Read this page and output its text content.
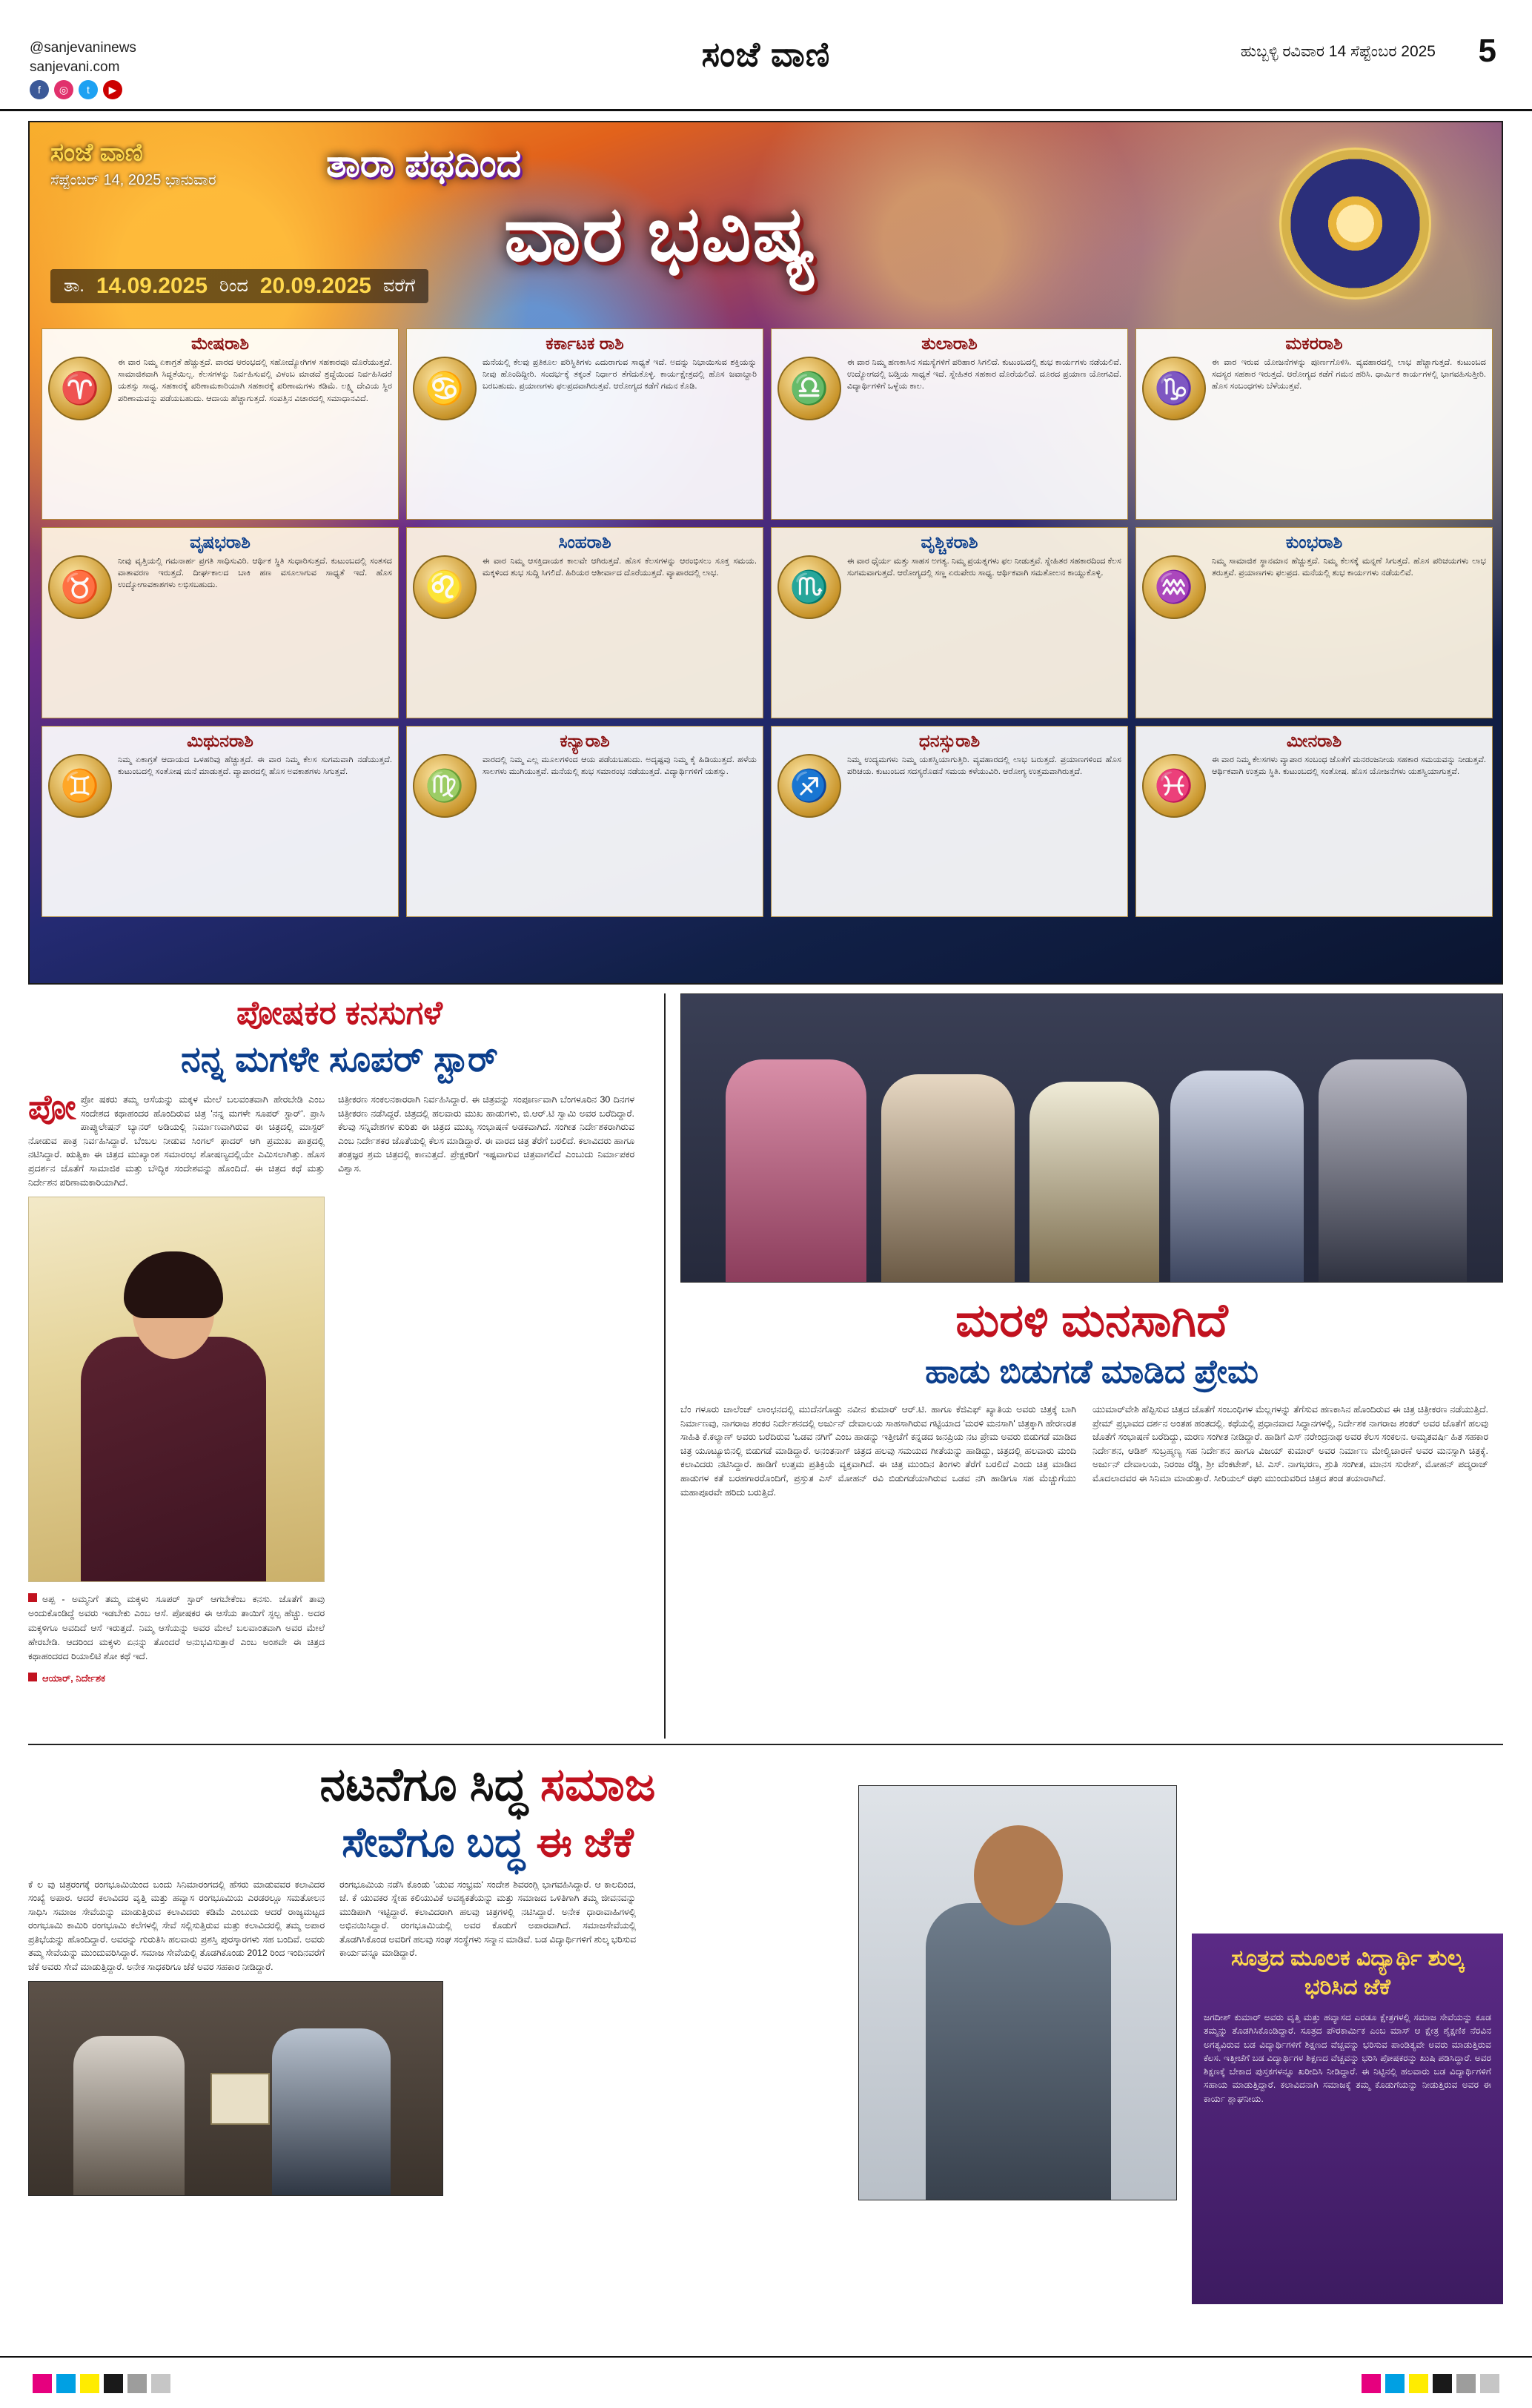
@sanjevaninews
sanjevani.com
f	◎	t	▶
ಸಂಜೆ ವಾಣಿ	ಹುಬ್ಬಳ್ಳಿ ರವಿವಾರ 14 ಸೆಪ್ಟೆಂಬರ 2025 5
ಸಂಜೆ ವಾಣಿ
ಸೆಪ್ಟೆಂಬರ್ 14, 2025 ಭಾನುವಾರ	ತಾರಾ ಪಥದಿಂದ
ವಾರ ಭವಿಷ್ಯ
ತಾ. 14.09.2025 ರಿಂದ 20.09.2025 ವರೆಗೆ
ಮೇಷರಾಶಿ
♈
ಈ ವಾರ ನಿಮ್ಮ ಏಕಾಗ್ರತೆ ಹೆಚ್ಚುತ್ತದೆ. ವಾರದ ಆರಂಭದಲ್ಲಿ ಸಹೋದ್ಯೋಗಿಗಳ ಸಹಕಾರವೂ ದೊರೆಯುತ್ತದೆ. ಸಾಮಾಜಿಕವಾಗಿ ಸಿದ್ಧತೆಯಿಲ್ಲ. ಕೆಲಸಗಳನ್ನು ನಿರ್ವಹಿಸುವಲ್ಲಿ ವಿಳಂಬ ಮಾಡದೆ ಶ್ರದ್ಧೆಯಿಂದ ನಿರ್ವಹಿಸಿದರೆ ಯಶಸ್ಸು ಸಾಧ್ಯ. ಸಹಕಾರಕ್ಕೆ ಪರಿಣಾಮಕಾರಿಯಾಗಿ ಸಹಕಾರಕ್ಕೆ ಪರಿಣಾಮಗಳು ಕಡಿಮೆ. ಲಕ್ಷ್ಮಿ ದೇವಿಯ ಸ್ಥಿರ ಪರಿಣಾಮವನ್ನು ಪಡೆಯಬಹುದು. ಆದಾಯ ಹೆಚ್ಚಾಗುತ್ತದೆ. ಸಂಪತ್ತಿನ ವಿಚಾರದಲ್ಲಿ ಸಮಾಧಾನವಿದೆ.
ಕರ್ಕಾಟಕ ರಾಶಿ
♋
ಮನೆಯಲ್ಲಿ ಕೆಲವು ಪ್ರತಿಕೂಲ ಪರಿಸ್ಥಿತಿಗಳು ಎದುರಾಗುವ ಸಾಧ್ಯತೆ ಇದೆ. ಅದನ್ನು ನಿಭಾಯಿಸುವ ಶಕ್ತಿಯನ್ನು ನೀವು ಹೊಂದಿದ್ದೀರಿ. ಸಂದರ್ಭಕ್ಕೆ ತಕ್ಕಂತೆ ನಿರ್ಧಾರ ತೆಗೆದುಕೊಳ್ಳಿ. ಕಾರ್ಯಕ್ಷೇತ್ರದಲ್ಲಿ ಹೊಸ ಜವಾಬ್ದಾರಿ ಬರಬಹುದು. ಪ್ರಯಾಣಗಳು ಫಲಪ್ರದವಾಗಿರುತ್ತವೆ. ಆರೋಗ್ಯದ ಕಡೆಗೆ ಗಮನ ಕೊಡಿ.
ತುಲಾರಾಶಿ
♎
ಈ ವಾರ ನಿಮ್ಮ ಹಣಕಾಸಿನ ಸಮಸ್ಯೆಗಳಿಗೆ ಪರಿಹಾರ ಸಿಗಲಿದೆ. ಕುಟುಂಬದಲ್ಲಿ ಶುಭ ಕಾರ್ಯಗಳು ನಡೆಯಲಿವೆ. ಉದ್ಯೋಗದಲ್ಲಿ ಬಡ್ತಿಯ ಸಾಧ್ಯತೆ ಇದೆ. ಸ್ನೇಹಿತರ ಸಹಕಾರ ದೊರೆಯಲಿದೆ. ದೂರದ ಪ್ರಯಾಣ ಯೋಗವಿದೆ. ವಿದ್ಯಾರ್ಥಿಗಳಿಗೆ ಒಳ್ಳೆಯ ಕಾಲ.
ಮಕರರಾಶಿ
♑
ಈ ವಾರ ಇರುವ ಯೋಜನೆಗಳನ್ನು ಪೂರ್ಣಗೊಳಿಸಿ. ವ್ಯವಹಾರದಲ್ಲಿ ಲಾಭ ಹೆಚ್ಚಾಗುತ್ತದೆ. ಕುಟುಂಬದ ಸದಸ್ಯರ ಸಹಕಾರ ಇರುತ್ತದೆ. ಆರೋಗ್ಯದ ಕಡೆಗೆ ಗಮನ ಹರಿಸಿ. ಧಾರ್ಮಿಕ ಕಾರ್ಯಗಳಲ್ಲಿ ಭಾಗವಹಿಸುತ್ತೀರಿ. ಹೊಸ ಸಂಬಂಧಗಳು ಬೆಳೆಯುತ್ತವೆ.
ವೃಷಭರಾಶಿ
♉
ನೀವು ವೃತ್ತಿಯಲ್ಲಿ ಗಮನಾರ್ಹ ಪ್ರಗತಿ ಸಾಧಿಸುವಿರಿ. ಆರ್ಥಿಕ ಸ್ಥಿತಿ ಸುಧಾರಿಸುತ್ತದೆ. ಕುಟುಂಬದಲ್ಲಿ ಸಂತಸದ ವಾತಾವರಣ ಇರುತ್ತದೆ. ದೀರ್ಘಕಾಲದ ಬಾಕಿ ಹಣ ವಸೂಲಾಗುವ ಸಾಧ್ಯತೆ ಇದೆ. ಹೊಸ ಉದ್ಯೋಗಾವಕಾಶಗಳು ಲಭಿಸಬಹುದು.
ಸಿಂಹರಾಶಿ
♌
ಈ ವಾರ ನಿಮ್ಮ ಆಸಕ್ತಿದಾಯಕ ಕಾಲವೇ ಆಗಿರುತ್ತದೆ. ಹೊಸ ಕೆಲಸಗಳನ್ನು ಆರಂಭಿಸಲು ಸೂಕ್ತ ಸಮಯ. ಮಕ್ಕಳಿಂದ ಶುಭ ಸುದ್ದಿ ಸಿಗಲಿದೆ. ಹಿರಿಯರ ಆಶೀರ್ವಾದ ದೊರೆಯುತ್ತದೆ. ವ್ಯಾಪಾರದಲ್ಲಿ ಲಾಭ.
ವೃಶ್ಚಿಕರಾಶಿ
♏
ಈ ವಾರ ಧೈರ್ಯ ಮತ್ತು ಸಾಹಸ ಅಗತ್ಯ. ನಿಮ್ಮ ಪ್ರಯತ್ನಗಳು ಫಲ ನೀಡುತ್ತವೆ. ಸ್ನೇಹಿತರ ಸಹಕಾರದಿಂದ ಕೆಲಸ ಸುಗಮವಾಗುತ್ತದೆ. ಆರೋಗ್ಯದಲ್ಲಿ ಸಣ್ಣ ಏರುಪೇರು ಸಾಧ್ಯ. ಆರ್ಥಿಕವಾಗಿ ಸಮತೋಲನ ಕಾಯ್ದುಕೊಳ್ಳಿ.
ಕುಂಭರಾಶಿ
♒
ನಿಮ್ಮ ಸಾಮಾಜಿಕ ಸ್ಥಾನಮಾನ ಹೆಚ್ಚುತ್ತದೆ. ನಿಮ್ಮ ಕೆಲಸಕ್ಕೆ ಮನ್ನಣೆ ಸಿಗುತ್ತದೆ. ಹೊಸ ಪರಿಚಯಗಳು ಲಾಭ ತರುತ್ತವೆ. ಪ್ರಯಾಣಗಳು ಫಲಪ್ರದ. ಮನೆಯಲ್ಲಿ ಶುಭ ಕಾರ್ಯಗಳು ನಡೆಯಲಿವೆ.
ಮಿಥುನರಾಶಿ
♊
ನಿಮ್ಮ ಏಕಾಗ್ರತೆ ಆದಾಯದ ಒಳಹರಿವು ಹೆಚ್ಚುತ್ತದೆ. ಈ ವಾರ ನಿಮ್ಮ ಕೆಲಸ ಸುಗಮವಾಗಿ ನಡೆಯುತ್ತದೆ. ಕುಟುಂಬದಲ್ಲಿ ಸಂತೋಷ ಮನೆ ಮಾಡುತ್ತದೆ. ವ್ಯಾಪಾರದಲ್ಲಿ ಹೊಸ ಅವಕಾಶಗಳು ಸಿಗುತ್ತವೆ.
ಕನ್ಯಾರಾಶಿ
♍
ವಾರದಲ್ಲಿ ನಿಮ್ಮ ಎಲ್ಲ ಮೂಲಗಳಿಂದ ಆಯ ಪಡೆಯಬಹುದು. ಅದೃಷ್ಟವು ನಿಮ್ಮ ಕೈ ಹಿಡಿಯುತ್ತದೆ. ಹಳೆಯ ಸಾಲಗಳು ಮುಗಿಯುತ್ತವೆ. ಮನೆಯಲ್ಲಿ ಶುಭ ಸಮಾರಂಭ ನಡೆಯುತ್ತದೆ. ವಿದ್ಯಾರ್ಥಿಗಳಿಗೆ ಯಶಸ್ಸು.
ಧನಸ್ಸುರಾಶಿ
♐
ನಿಮ್ಮ ಉದ್ಯಮಗಳು ನಿಮ್ಮ ಯಶಸ್ವಿಯಾಗುತ್ತಿರಿ. ವ್ಯವಹಾರದಲ್ಲಿ ಲಾಭ ಬರುತ್ತದೆ. ಪ್ರಯಾಣಗಳಿಂದ ಹೊಸ ಪರಿಚಯ. ಕುಟುಂಬದ ಸದಸ್ಯರೊಡನೆ ಸಮಯ ಕಳೆಯುವಿರಿ. ಆರೋಗ್ಯ ಉತ್ತಮವಾಗಿರುತ್ತದೆ.
ಮೀನರಾಶಿ
♓
ಈ ವಾರ ನಿಮ್ಮ ಕೆಲಸಗಳು ವ್ಯಾಪಾರ ಸಂಬಂಧ ಜೊತೆಗೆ ಮನರಂಜನೀಯ ಸಹಕಾರ ಸಮಯವನ್ನು ನೀಡುತ್ತವೆ. ಆರ್ಥಿಕವಾಗಿ ಉತ್ತಮ ಸ್ಥಿತಿ. ಕುಟುಂಬದಲ್ಲಿ ಸಂತೋಷ. ಹೊಸ ಯೋಜನೆಗಳು ಯಶಸ್ವಿಯಾಗುತ್ತವೆ.
ಪೋಷಕರ ಕನಸುಗಳೆ
ನನ್ನ ಮಗಳೇ ಸೂಪರ್ ಸ್ಟಾರ್
ಪೋ ಪ್ರೋ ಷಕರು ತಮ್ಮ ಆಸೆಯನ್ನು ಮಕ್ಕಳ ಮೇಲೆ ಬಲವಂತವಾಗಿ ಹೇರಬೇಡಿ ಎಂಬ ಸಂದೇಶದ ಕಥಾಹಂದರ ಹೊಂದಿರುವ ಚಿತ್ರ 'ನನ್ನ ಮಗಳೇ ಸೂಪರ್ ಸ್ಟಾರ್'. ಪ್ರಾಸಿ ಪಾಪ್ಯುಲೇಷನ್ ಬ್ಯಾನರ್ ಅಡಿಯಲ್ಲಿ ನಿರ್ಮಾಣವಾಗಿರುವ ಈ ಚಿತ್ರದಲ್ಲಿ ಮಾಸ್ಟರ್ ನೋಡುವ ಪಾತ್ರ ನಿರ್ವಹಿಸಿದ್ದಾರೆ. ಬೆಂಬಲ ನೀಡುವ ಸಿಂಗಲ್ ಫಾದರ್ ಆಗಿ ಪ್ರಮುಖ ಪಾತ್ರದಲ್ಲಿ ನಟಿಸಿದ್ದಾರೆ. ಋತ್ವಿಕಾ ಈ ಚಿತ್ರದ ಮುಖ್ಯಾಂಶ ಸಮಾರಂಭ ಶೋಷಣ್ಯದಲ್ಲಿಯೇ ಎಮಿಸಲಾಗಿತ್ತು. ಹೊಸ ಪ್ರದರ್ಶನ ಜೊತೆಗೆ ಸಾಮಾಜಿಕ ಮತ್ತು ಬೌದ್ಧಿಕ ಸಂದೇಶವನ್ನು ಹೊಂದಿದೆ. ಈ ಚಿತ್ರದ ಕಥೆ ಮತ್ತು ನಿರ್ದೇಶನ ಪರಿಣಾಮಕಾರಿಯಾಗಿದೆ.
ಅಪ್ಪ - ಅಮ್ಮನಿಗೆ ತಮ್ಮ ಮಕ್ಕಳು ಸೂಪರ್ ಸ್ಟಾರ್ ಆಗಬೇಕೆಂಬ ಕನಸು. ಜೊತೆಗೆ ತಾವು ಅಂದುಕೊಂಡಿದ್ದೆ ಅವರು ಇಡಬೇಕು ಎಂಬ ಆಸೆ. ಪೋಷಕರ ಈ ಆಸೆಯ ತಾಯಿಗೆ ಸ್ಫಲ್ಪ ಹೆಚ್ಚು. ಅದರ ಮಕ್ಕಳಿಗೂ ಅವದಿದೆ ಆಸೆ ಇರುತ್ತದೆ. ನಿಮ್ಮ ಆಸೆಯನ್ನು ಅವರ ಮೇಲೆ ಬಲವಾಂತವಾಗಿ ಅವರ ಮೇಲೆ ಹೇರಬೇಡಿ. ಆದರಿಂದ ಮಕ್ಕಳು ಏನನ್ನು ತೊಂದರೆ ಅನುಭವಿಸುತ್ತಾರೆ ಎಂಬ ಅಂಶವೇ ಈ ಚಿತ್ರದ ಕಥಾಹಂದರದ ರಿಯಾಲಿಟಿ ಶೋ ಕಥೆ ಇದೆ.
ಆಯಾರ್, ನಿರ್ದೇಶಕ
ಚಿತ್ರೀಕರಣ ಸಂಕಲನಕಾರರಾಗಿ ನಿರ್ವಹಿಸಿದ್ದಾರೆ. ಈ ಚಿತ್ರವನ್ನು ಸಂಪೂರ್ಣವಾಗಿ ಬೆಂಗಳೂರಿನ 30 ದಿನಗಳ ಚಿತ್ರೀಕರಣ ನಡೆಸಿದ್ದರೆ. ಚಿತ್ರದಲ್ಲಿ ಹಲವಾರು ಮುಖ ಹಾಡುಗಳು, ಬಿ.ಆರ್.ಟಿ ಸ್ವಾಮಿ ಅವರ ಬರೆದಿದ್ದಾರೆ. ಕೆಲವು ಸನ್ನಿವೇಶಗಳ ಕುರಿತು ಈ ಚಿತ್ರದ ಮುಖ್ಯ ಸಂಭಾಷಣೆ ಅಡಕವಾಗಿದೆ. ಸಂಗೀತ ನಿರ್ದೇಶಕರಾಗಿರುವ ಎಂಬ ನಿರ್ದೇಶಕರ ಜೊತೆಯಲ್ಲಿ ಕೆಲಸ ಮಾಡಿದ್ದಾರೆ. ಈ ವಾರದ ಚಿತ್ರ ತೆರೆಗೆ ಬರಲಿದೆ. ಕಲಾವಿದರು ಹಾಗೂ ತಂತ್ರಜ್ಞರ ಶ್ರಮ ಚಿತ್ರದಲ್ಲಿ ಕಾಣುತ್ತದೆ. ಪ್ರೇಕ್ಷಕರಿಗೆ ಇಷ್ಟವಾಗುವ ಚಿತ್ರವಾಗಲಿದೆ ಎಂಬುದು ನಿರ್ಮಾಪಕರ ವಿಶ್ವಾಸ.
ಮರಳಿ ಮನಸಾಗಿದೆ
ಹಾಡು ಬಿಡುಗಡೆ ಮಾಡಿದ ಪ್ರೇಮ
ಬೆಂ ಗಳೂರು ಚಾಲೆಂಜ್ ಲಾಂಛನದಲ್ಲಿ ಮುದೆನಗೊಡ್ಡು ನವೀನ ಕುಮಾರ್ ಆರ್.ಟಿ. ಹಾಗೂ ಕೆಜಿಎಫ್ ಖ್ಯಾತಿಯ ಅವರು ಚಿತ್ರಕ್ಕೆ ಬಾಗಿ ನಿರ್ಮಾಣವು, ನಾಗರಾಜ ಶಂಕರ ನಿರ್ದೇಶನದಲ್ಲಿ ಅರ್ಜುನ್ ದೇವಾಲಯ ಸಾಹಸಾಗಿರುವ ಗಟ್ಟಿಯಾದ 'ಮರಳಿ ಮನಸಾಗಿ' ಚಿತ್ರಕ್ಕಾಗಿ ಹೇರಣರತ ಸಾಹಿತಿ ಕೆ.ಕಲ್ಯಾಣ್ ಅವರು ಬರೆದಿರುವ 'ಒಡವ ನಗಿಗೆ' ಎಂಬ ಹಾಡನ್ನು ಇತ್ತೀಚೆಗೆ ಕನ್ನಡದ ಜನಪ್ರಿಯ ನಟ ಪ್ರೇಮ ಅವರು ಬಿಡುಗಡೆ ಮಾಡಿದ ಚಿತ್ರ ಯೂಟ್ಯೂಬಿನಲ್ಲಿ ಬಿಡುಗಡೆ ಮಾಡಿದ್ದಾರೆ. ಅನಂತನಾಗ್ ಚಿತ್ರದ ಹಲವು ಸಮಯದ ಗೀತೆಯನ್ನು ಹಾಡಿದ್ದು, ಚಿತ್ರದಲ್ಲಿ ಹಲವಾರು ಮಂದಿ ಕಲಾವಿದರು ನಟಿಸಿದ್ದಾರೆ. ಹಾಡಿಗೆ ಉತ್ತಮ ಪ್ರತಿಕ್ರಿಯೆ ವ್ಯಕ್ತವಾಗಿದೆ. ಈ ಚಿತ್ರ ಮುಂದಿನ ತಿಂಗಳು ತೆರೆಗೆ ಬರಲಿದೆ ಎಂದು ಚಿತ್ರ ಮಾಡಿದ ಹಾಡುಗಳ ಕತೆ ಬರಹಗಾರರೊಂದಿಗೆ, ಪ್ರಸ್ತುತ ಎಸ್ ಮೋಹನ್ ರವಿ ಬಿಡುಗಡೆಯಾಗಿರುವ ಒಡವ ನಗಿ ಹಾಡಿಗೂ ಸಹ ಮೆಚ್ಚುಗೆಯು ಮಹಾಪೂರವೇ ಹರಿದು ಬರುತ್ತಿದೆ.
ಯುಮಾರ್‌ವೇಶಿ ಹೆಪ್ಪಿಸುವ ಚಿತ್ರದ ಜೊತೆಗೆ ಸಂಬಂಧಿಗಳ ಮೆಲ್ಲಗಳನ್ನು ತೆಗೆಸುವ ಹಣಕಾಸಿನ ಹೊಂದಿರುವ ಈ ಚಿತ್ರ ಚಿತ್ರೀಕರಣ ನಡೆಯುತ್ತಿದೆ. ಪ್ರೇಮ್ ಪ್ರಭಾವದ ದರ್ಶನ ಅಂತಹ ಹಂತದಲ್ಲಿ. ಕಥೆಯಲ್ಲಿ ಪ್ರಧಾನವಾದ ಸಿದ್ಧಾನಗಳಲ್ಲಿ, ನಿರ್ದೇಶಕ ನಾಗರಾಜ ಶಂಕರ್ ಅವರ ಜೊತೆಗೆ ಹಲವು ಜೊತೆಗೆ ಸಂಭಾಷಣೆ ಬರೆದಿದ್ದು, ಮರಣ ಸಂಗೀತ ನೀಡಿದ್ದಾರೆ. ಹಾಡಿಗೆ ಎಸ್ ನರೇಂದ್ರನಾಥ ಅವರ ಕೆಲಸ ಸಂಕಲನ. ಅಮೃತವರ್ಷಿ ಹಿತ ಸಹಕಾರ ನಿರ್ದೇಶನ, ಆಡಿಶ್ ಸುಬ್ರಹ್ಮಣ್ಯ ಸಹ ನಿರ್ದೇಶನ ಹಾಗೂ ವಿಜಯ್ ಕುಮಾರ್ ಅವರ ನಿರ್ಮಾಣ ಮೇಲ್ವಿಚಾರಣೆ ಅವರ ಮನಸ್ಸಾಗಿ ಚಿತ್ರಕ್ಕೆ. ಅರ್ಜುನ್ ದೇವಾಲಯ, ನಿರಂಜ ರೆಡ್ಡಿ, ಶ್ರೀ ವೆಂಕಟೇಶ್, ಟಿ. ಎಸ್. ನಾಗಭರಣ, ಶ್ರುತಿ ಸಂಗೀತ, ಮಾನಸ ಸುರೇಶ್, ಮೋಹನ್ ಪದ್ಮರಾಜ್ ಮೊದಲಾದವರ ಈ ಸಿನಿಮಾ ಮಾಡುತ್ತಾರೆ. ಸೀರಿಯಲ್ ರಘು ಮುಂದುವರಿದ ಚಿತ್ರದ ತಂಡ ತಯಾರಾಗಿದೆ.
ನಟನೆಗೂ ಸಿದ್ಧ ಸಮಾಜ
ಸೇವೆಗೂ ಬದ್ಧ ಈ ಜೆಕೆ
ಕೆ ಲ ವು ಚಿತ್ರರಂಗಕ್ಕೆ ರಂಗಭೂಮಿಯಿಂದ ಬಂದು ಸಿನಿಮಾರಂಗದಲ್ಲಿ ಹೆಸರು ಮಾಡುವವರ ಕಲಾವಿದರ ಸಂಖ್ಯೆ ಅಪಾರ. ಆದರೆ ಕಲಾವಿದರ ವೃತ್ತಿ ಮತ್ತು ಹವ್ಯಾಸ ರಂಗಭೂಮಿಯ ಎರಡರಲ್ಲೂ ಸಮತೋಲನ ಸಾಧಿಸಿ ಸಮಾಜ ಸೇವೆಯನ್ನು ಮಾಡುತ್ತಿರುವ ಕಲಾವಿದರು ಕಡಿಮೆ ಎಂಬುದು ಆದರೆ ರಾಜ್ಯಮಟ್ಟದ ರಂಗಭೂಮಿ ಕಾಮಿರಿ ರಂಗಭೂಮಿ ಕಲೆಗಳಲ್ಲಿ ಸೇವೆ ಸಲ್ಲಿಸುತ್ತಿರುವ ಮತ್ತು ಕಲಾವಿದರಲ್ಲಿ ತಮ್ಮ ಅಪಾರ ಪ್ರತಿಭೆಯನ್ನು ಹೊಂದಿದ್ದಾರೆ. ಅವರನ್ನು ಗುರುತಿಸಿ ಹಲವಾರು ಪ್ರಶಸ್ತಿ ಪುರಸ್ಕಾರಗಳು ಸಹ ಬಂದಿವೆ. ಅವರು ತಮ್ಮ ಸೇವೆಯನ್ನು ಮುಂದುವರಿಸಿದ್ದಾರೆ. ಸಮಾಜ ಸೇವೆಯಲ್ಲಿ ತೊಡಗಿಕೊಂಡು 2012 ರಿಂದ ಇಂದಿನವರೆಗೆ ಜೆಕೆ ಅವರು ಸೇವೆ ಮಾಡುತ್ತಿದ್ದಾರೆ. ಅನೇಕ ಸಾಧಕರಿಗೂ ಜೆಕೆ ಅವರ ಸಹಕಾರ ನೀಡಿದ್ದಾರೆ.
ರಂಗಭೂಮಿಯ ನಡೆಸಿ ಕೊಂಡು 'ಯುವ ಸಂಭ್ರಮ' ಸಂದೇಶ ಶಿವರಂಗ್ಲಿ ಭಾಗವಹಿಸಿದ್ದಾರೆ. ಆ ಕಾಲದಿಂದ, ಜೆ. ಕೆ ಯುವಕರ ಸ್ನೇಹ ಕಲಿಯುವಿಕೆ ಅವಶ್ಯಕತೆಯನ್ನು ಮತ್ತು ಸಮಾಜದ ಒಳಿತಿಗಾಗಿ ತಮ್ಮ ಜೀವನವನ್ನು ಮುಡಿಪಾಗಿ ಇಟ್ಟಿದ್ದಾರೆ. ಕಲಾವಿದರಾಗಿ ಹಲವು ಚಿತ್ರಗಳಲ್ಲಿ ನಟಿಸಿದ್ದಾರೆ. ಅನೇಕ ಧಾರಾವಾಹಿಗಳಲ್ಲಿ ಅಭಿನಯಿಸಿದ್ದಾರೆ. ರಂಗಭೂಮಿಯಲ್ಲಿ ಅವರ ಕೊಡುಗೆ ಅಪಾರವಾಗಿದೆ. ಸಮಾಜಸೇವೆಯಲ್ಲಿ ತೊಡಗಿಸಿಕೊಂಡ ಅವರಿಗೆ ಹಲವು ಸಂಘ ಸಂಸ್ಥೆಗಳು ಸನ್ಮಾನ ಮಾಡಿವೆ. ಬಡ ವಿದ್ಯಾರ್ಥಿಗಳಿಗೆ ಶುಲ್ಕ ಭರಿಸುವ ಕಾರ್ಯವನ್ನೂ ಮಾಡಿದ್ದಾರೆ.	ಸೂತ್ರದ ಮೂಲಕ ವಿದ್ಯಾರ್ಥಿ ಶುಲ್ಕ ಭರಿಸಿದ ಜೆಕೆ
ಜಗದೀಶ್ ಕುಮಾರ್ ಅವರು ವೃತ್ತಿ ಮತ್ತು ಹವ್ಯಾಸದ ಎರಡೂ ಕ್ಷೇತ್ರಗಳಲ್ಲಿ ಸಮಾಜ ಸೇವೆಯನ್ನು ಕೂಡ ತಮ್ಮನ್ನು ತೊಡಗಿಸಿಕೊಂಡಿದ್ದಾರೆ. ಸೂತ್ರದ ಪೌರಕಾರ್ಮಿಕ ಎಂಬ ಮಾಸ್ ಆ ಕ್ಷೇತ್ರ ಶೈಕ್ಷಣಿಕ ನೆರವಿನ ಅಗತ್ಯವಿರುವ ಬಡ ವಿದ್ಯಾರ್ಥಿಗಳಿಗೆ ಶಿಕ್ಷಣದ ವೆಚ್ಚವನ್ನು ಭರಿಸುವ ಪಾಂಡಿತ್ಯವೇ ಅವರು ಮಾಡುತ್ತಿರುವ ಕೆಲಸ. ಇತ್ತೀಚೆಗೆ ಬಡ ವಿದ್ಯಾರ್ಥಿಗಳ ಶಿಕ್ಷಣದ ವೆಚ್ಚವನ್ನು ಭರಿಸಿ ಪೋಷಕರನ್ನು ಖುಷಿ ಪಡಿಸಿದ್ದಾರೆ. ಅವರ ಶಿಕ್ಷಣಕ್ಕೆ ಬೇಕಾದ ಪುಸ್ತಕಗಳನ್ನೂ ಖರೀದಿಸಿ ನೀಡಿದ್ದಾರೆ. ಈ ನಿಟ್ಟಿನಲ್ಲಿ ಹಲವಾರು ಬಡ ವಿದ್ಯಾರ್ಥಿಗಳಿಗೆ ಸಹಾಯ ಮಾಡುತ್ತಿದ್ದಾರೆ. ಕಲಾವಿದನಾಗಿ ಸಮಾಜಕ್ಕೆ ತಮ್ಮ ಕೊಡುಗೆಯನ್ನು ನೀಡುತ್ತಿರುವ ಅವರ ಈ ಕಾರ್ಯ ಶ್ಲಾಘನೀಯ.
